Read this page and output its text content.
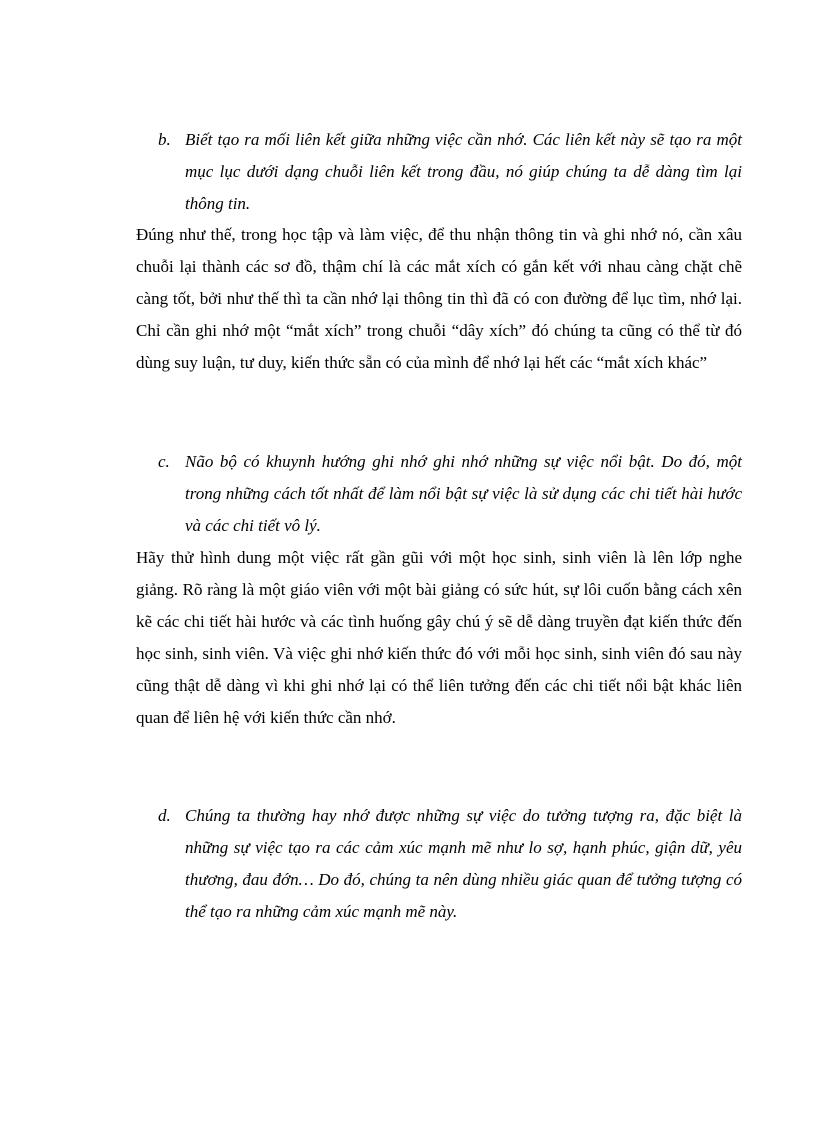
b. Biết tạo ra mối liên kết giữa những việc cần nhớ. Các liên kết này sẽ tạo ra một mục lục dưới dạng chuỗi liên kết trong đầu, nó giúp chúng ta dễ dàng tìm lại thông tin.

Đúng như thế, trong học tập và làm việc, để thu nhận thông tin và ghi nhớ nó, cần xâu chuỗi lại thành các sơ đồ, thậm chí là các mắt xích có gắn kết với nhau càng chặt chẽ càng tốt, bởi như thế thì ta cần nhớ lại thông tin thì đã có con đường để lục tìm, nhớ lại. Chỉ cần ghi nhớ một “mắt xích” trong chuỗi “dây xích” đó chúng ta cũng có thể từ đó dùng suy luận, tư duy, kiến thức sẵn có của mình để nhớ lại hết các “mắt xích khác”

c. Não bộ có khuynh hướng ghi nhớ ghi nhớ những sự việc nổi bật. Do đó, một trong những cách tốt nhất để làm nổi bật sự việc là sử dụng các chi tiết hài hước và các chi tiết vô lý.

Hãy thử hình dung một việc rất gần gũi với một học sinh, sinh viên là lên lớp nghe giảng. Rõ ràng là một giáo viên với một bài giảng có sức hút, sự lôi cuốn bằng cách xên kẽ các chi tiết hài hước và các tình huống gây chú ý sẽ dễ dàng truyền đạt kiến thức đến học sinh, sinh viên. Và việc ghi nhớ kiến thức đó với mỗi học sinh, sinh viên đó sau này cũng thật dễ dàng vì khi ghi nhớ lại có thể liên tưởng đến các chi tiết nổi bật khác liên quan để liên hệ với kiến thức cần nhớ.

d. Chúng ta thường hay nhớ được những sự việc do tưởng tượng ra, đặc biệt là những sự việc tạo ra các cảm xúc mạnh mẽ như lo sợ, hạnh phúc, giận dữ, yêu thương, đau đớn… Do đó, chúng ta nên dùng nhiều giác quan để tưởng tượng có thể tạo ra những cảm xúc mạnh mẽ này.
